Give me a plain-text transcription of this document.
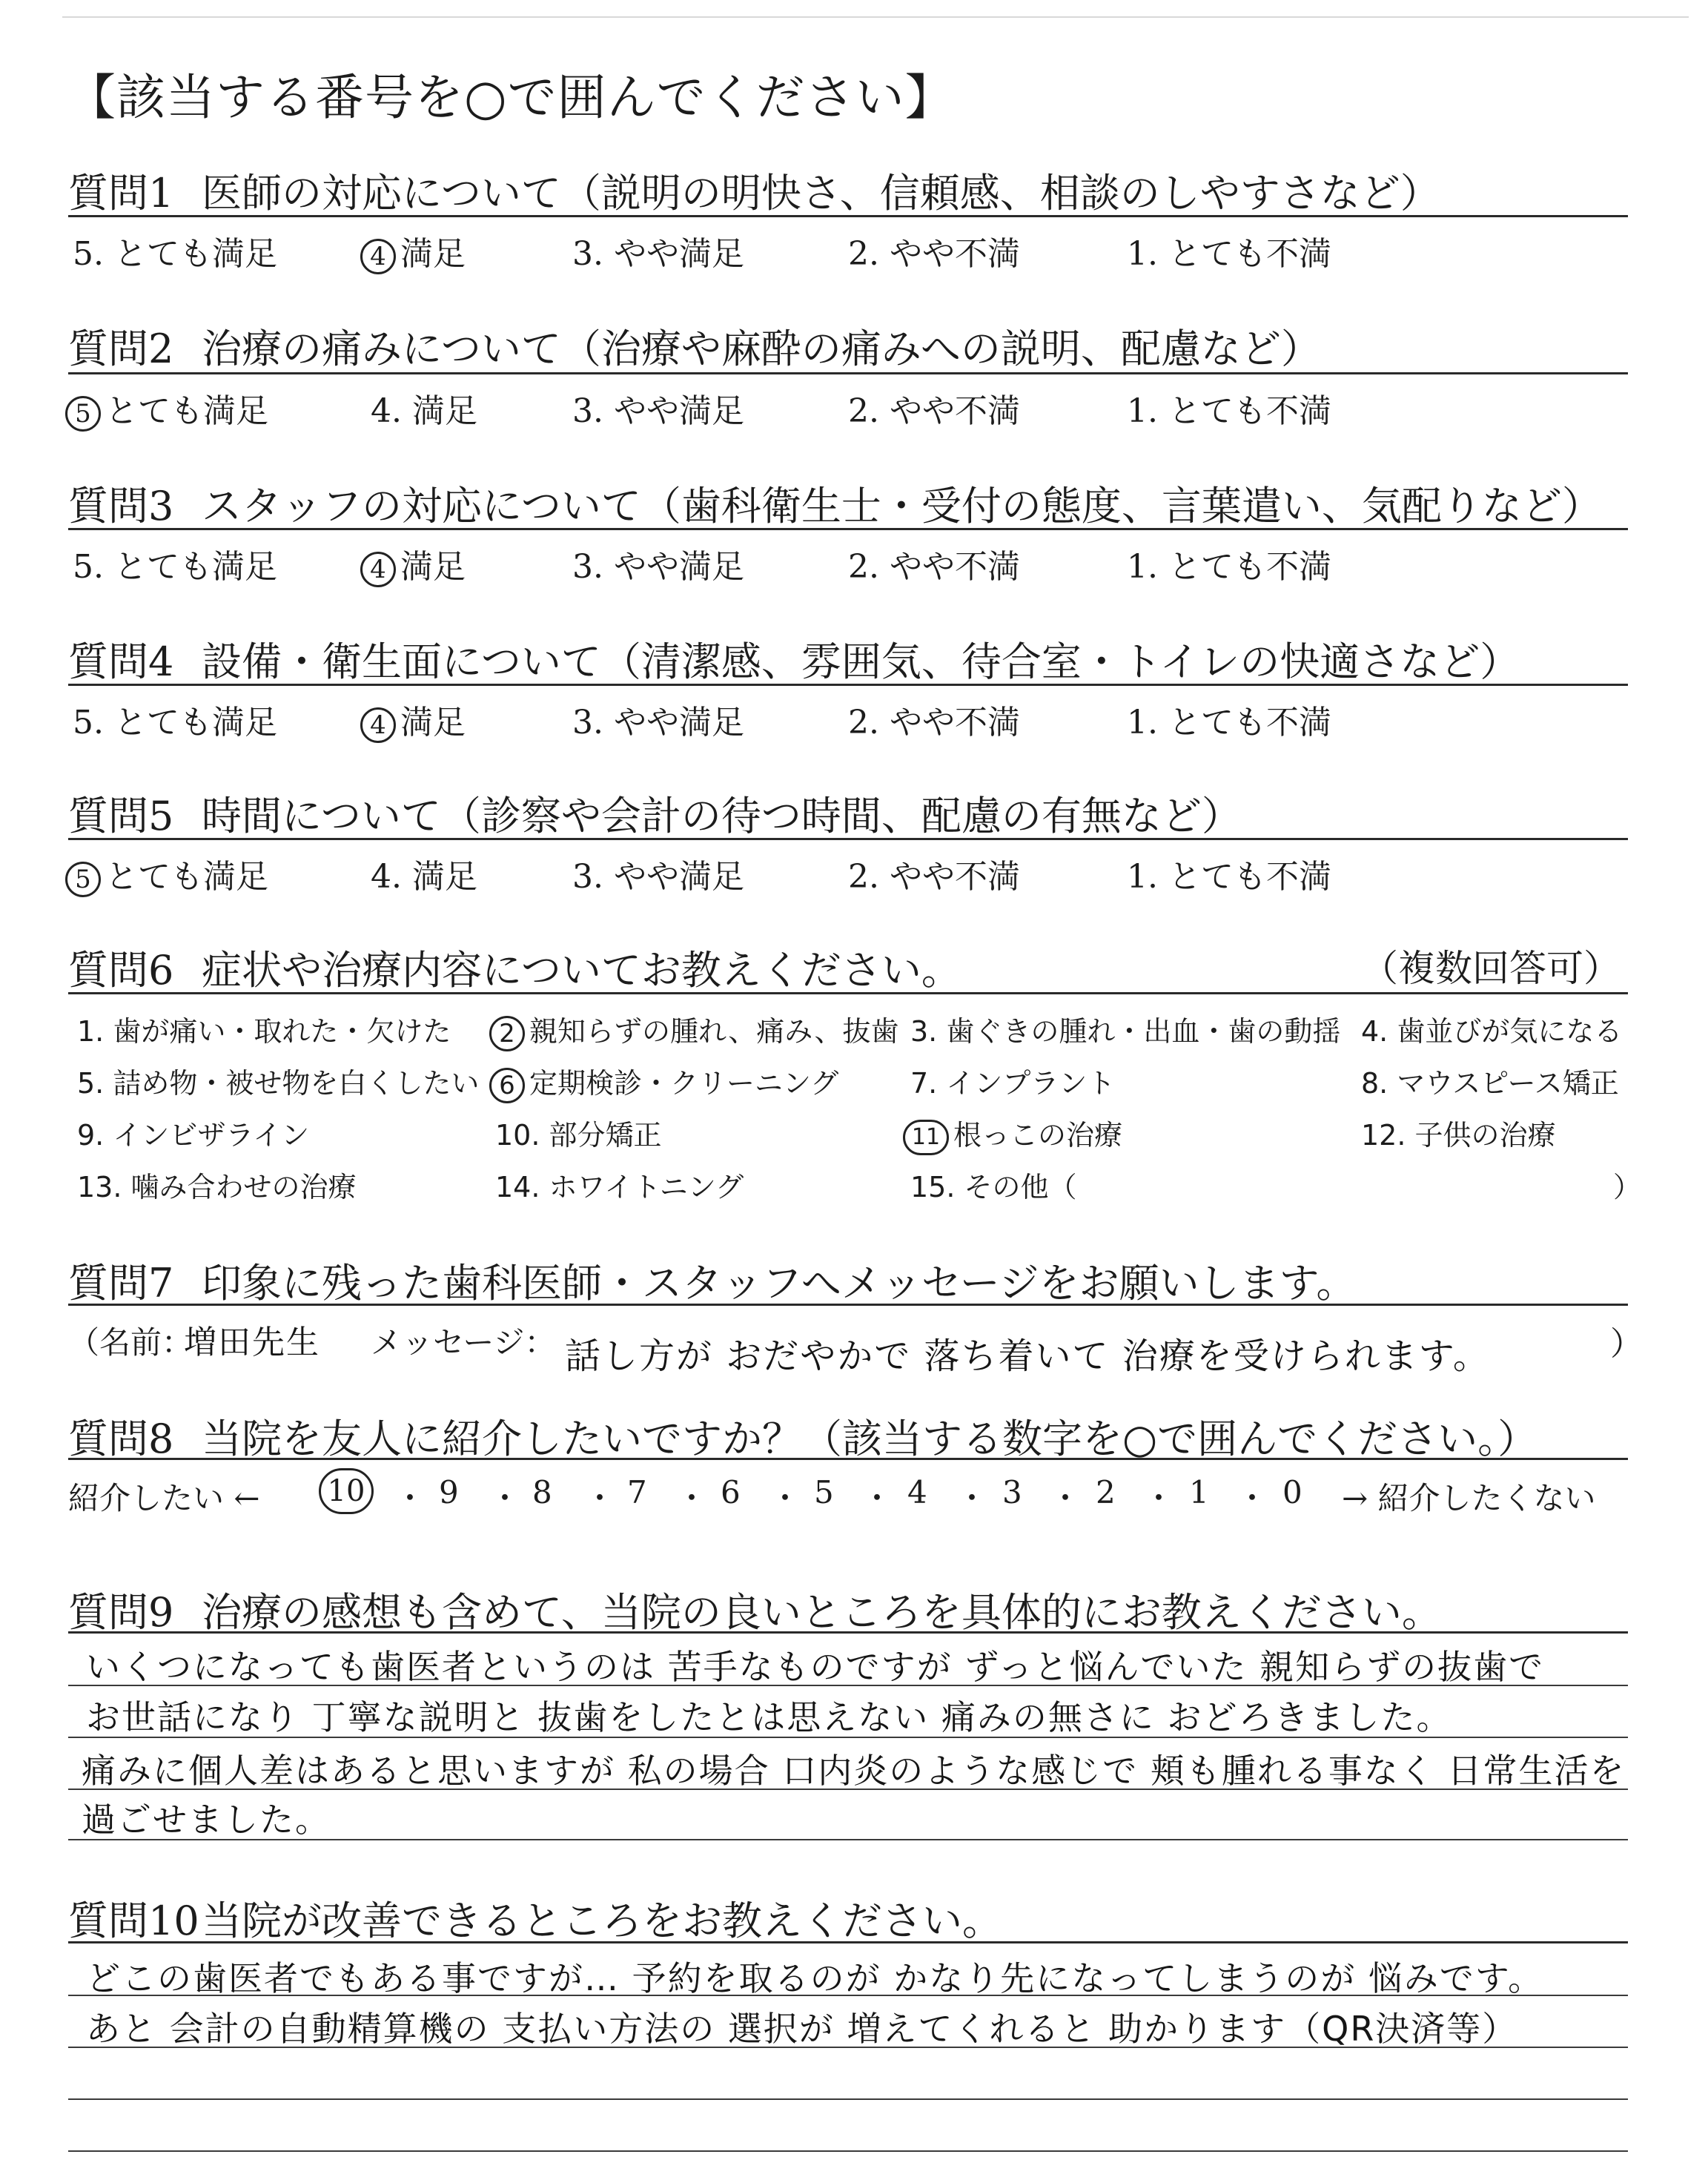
【該当する番号を○で囲んでください】
質問1 医師の対応について（説明の明快さ、信頼感、相談のしやすさなど）
5. とても満足	4 満足	3. やや満足	2. やや不満	1. とても不満
質問2 治療の痛みについて（治療や麻酔の痛みへの説明、配慮など）
5 とても満足	4. 満足	3. やや満足	2. やや不満	1. とても不満
質問3 スタッフの対応について（歯科衛生士・受付の態度、言葉遣い、気配りなど）
5. とても満足	4 満足	3. やや満足	2. やや不満	1. とても不満
質問4 設備・衛生面について（清潔感、雰囲気、待合室・トイレの快適さなど）
5. とても満足	4 満足	3. やや満足	2. やや不満	1. とても不満
質問5 時間について（診察や会計の待つ時間、配慮の有無など）
5 とても満足	4. 満足	3. やや満足	2. やや不満	1. とても不満
質問6 症状や治療内容についてお教えください。	（複数回答可）
1. 歯が痛い・取れた・欠けた	2 親知らずの腫れ、痛み、抜歯 3. 歯ぐきの腫れ・出血・歯の動揺 4. 歯並びが気になる
5. 詰め物・被せ物を白くしたい 6 定期検診・クリーニング	7. インプラント	8. マウスピース矯正
9. インビザライン	10. 部分矯正	11 根っこの治療	12. 子供の治療
13. 噛み合わせの治療	14. ホワイトニング	15. その他（	）
質問7 印象に残った歯科医師・スタッフへメッセージをお願いします。
（名前：
増田先生 メッセージ： 話し方が おだやかで 落ち着いて 治療を受けられます。	）
質問8 当院を友人に紹介したいですか？（該当する数字を○で囲んでください。）
紹介したい ← 10 ・ 9 ・ 8 ・ 7 ・ 6 ・ 5 ・ 4 ・ 3 ・ 2 ・ 1 ・ 0 → 紹介したくない
質問9 治療の感想も含めて、当院の良いところを具体的にお教えください。
いくつになっても歯医者というのは 苦手なものですが ずっと悩んでいた 親知らずの抜歯で
お世話になり 丁寧な説明と 抜歯をしたとは思えない 痛みの無さに おどろきました。
痛みに個人差はあると思いますが 私の場合 口内炎のような感じで 頬も腫れる事なく 日常生活を
過ごせました。
質問10当院が改善できるところをお教えください。
どこの歯医者でもある事ですが… 予約を取るのが かなり先になってしまうのが 悩みです。
あと 会計の自動精算機の 支払い方法の 選択が 増えてくれると 助かります（QR決済等）
